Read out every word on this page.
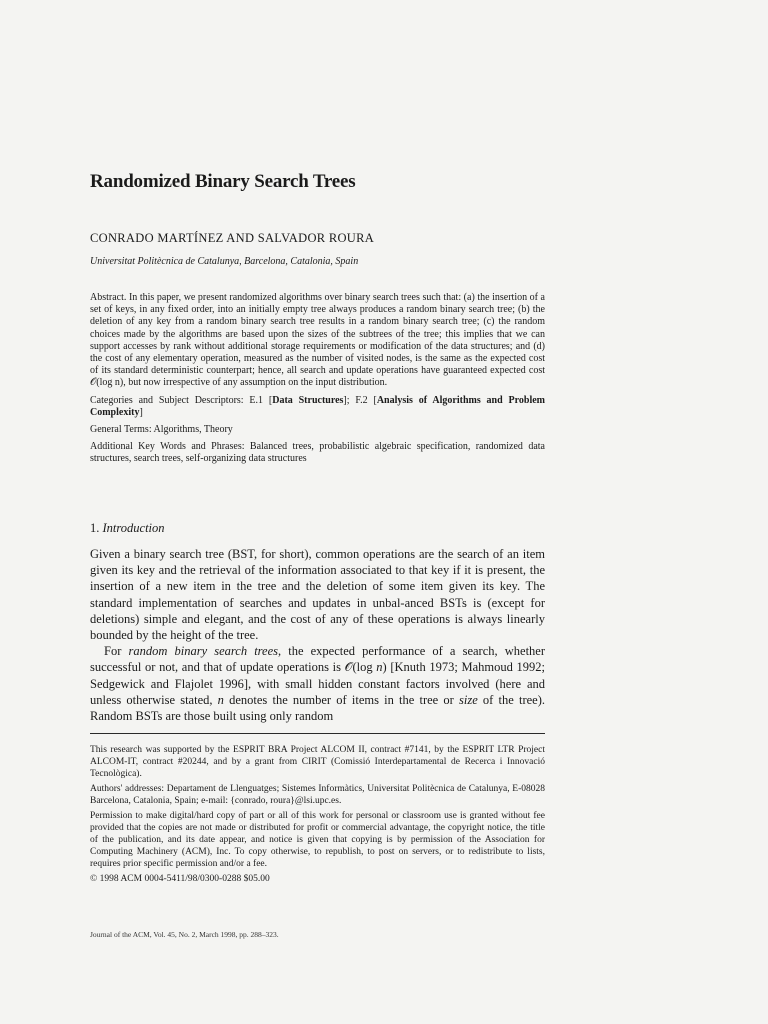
Randomized Binary Search Trees
CONRADO MARTÍNEZ AND SALVADOR ROURA
Universitat Politècnica de Catalunya, Barcelona, Catalonia, Spain

Abstract. In this paper, we present randomized algorithms over binary search trees such that: (a) the insertion of a set of keys, in any fixed order, into an initially empty tree always produces a random binary search tree; (b) the deletion of any key from a random binary search tree results in a random binary search tree; (c) the random choices made by the algorithms are based upon the sizes of the subtrees of the tree; this implies that we can support accesses by rank without additional storage requirements or modification of the data structures; and (d) the cost of any elementary operation, measured as the number of visited nodes, is the same as the expected cost of its standard deterministic counterpart; hence, all search and update operations have guaranteed expected cost 𝒪(log n), but now irrespective of any assumption on the input distribution.

Categories and Subject Descriptors: E.1 [Data Structures]; F.2 [Analysis of Algorithms and Problem Complexity]

General Terms: Algorithms, Theory

Additional Key Words and Phrases: Balanced trees, probabilistic algebraic specification, randomized data structures, search trees, self-organizing data structures

1. Introduction

Given a binary search tree (BST, for short), common operations are the search of an item given its key and the retrieval of the information associated to that key if it is present, the insertion of a new item in the tree and the deletion of some item given its key. The standard implementation of searches and updates in unbal-anced BSTs is (except for deletions) simple and elegant, and the cost of any of these operations is always linearly bounded by the height of the tree.

For random binary search trees, the expected performance of a search, whether successful or not, and that of update operations is 𝒪(log n) [Knuth 1973; Mahmoud 1992; Sedgewick and Flajolet 1996], with small hidden constant factors involved (here and unless otherwise stated, n denotes the number of items in the tree or size of the tree). Random BSTs are those built using only random

This research was supported by the ESPRIT BRA Project ALCOM II, contract #7141, by the ESPRIT LTR Project ALCOM-IT, contract #20244, and by a grant from CIRIT (Comissió Interdepartamental de Recerca i Innovació Tecnològica).

Authors' addresses: Departament de Llenguatges; Sistemes Informàtics, Universitat Politècnica de Catalunya, E-08028 Barcelona, Catalonia, Spain; e-mail: {conrado, roura}@lsi.upc.es.

Permission to make digital/hard copy of part or all of this work for personal or classroom use is granted without fee provided that the copies are not made or distributed for profit or commercial advantage, the copyright notice, the title of the publication, and its date appear, and notice is given that copying is by permission of the Association for Computing Machinery (ACM), Inc. To copy otherwise, to republish, to post on servers, or to redistribute to lists, requires prior specific permission and/or a fee.

© 1998 ACM 0004-5411/98/0300-0288 $05.00

Journal of the ACM, Vol. 45, No. 2, March 1998, pp. 288–323.
